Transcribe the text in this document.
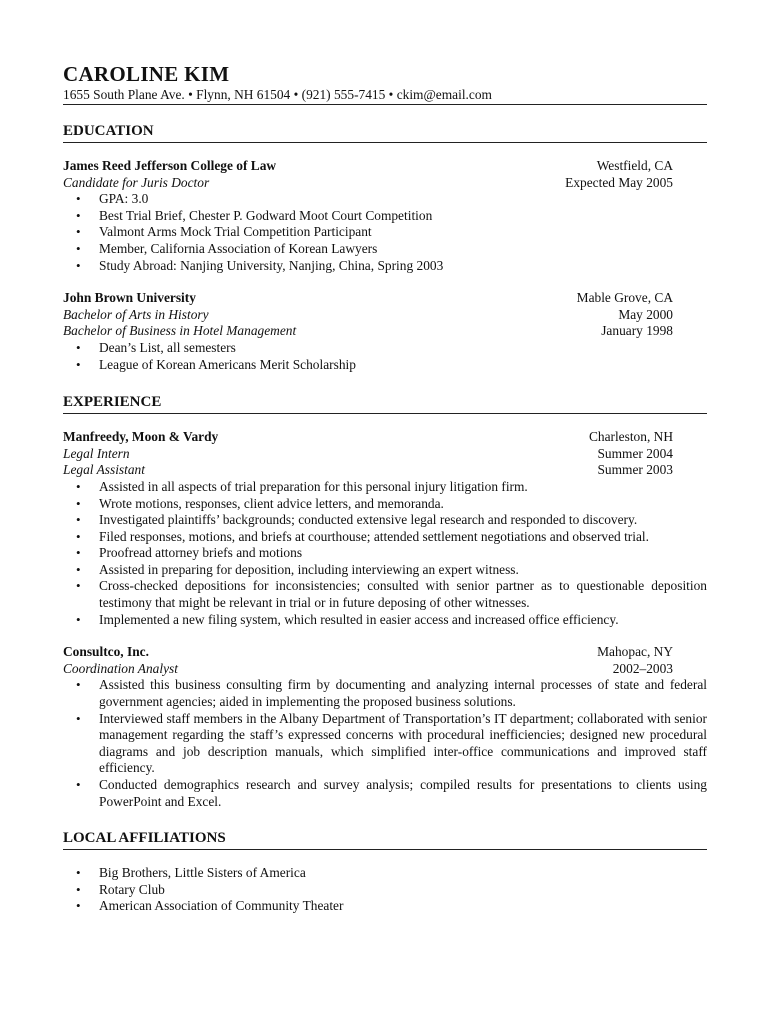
CAROLINE KIM
1655 South Plane Ave. • Flynn, NH 61504 • (921) 555-7415 • ckim@email.com
EDUCATION
James Reed Jefferson College of Law	Westfield, CA
Candidate for Juris Doctor	Expected May 2005
• GPA: 3.0
• Best Trial Brief, Chester P. Godward Moot Court Competition
• Valmont Arms Mock Trial Competition Participant
• Member, California Association of Korean Lawyers
• Study Abroad: Nanjing University, Nanjing, China, Spring 2003
John Brown University	Mable Grove, CA
Bachelor of Arts in History	May 2000
Bachelor of Business in Hotel Management	January 1998
• Dean’s List, all semesters
• League of Korean Americans Merit Scholarship
EXPERIENCE
Manfreedy, Moon & Vardy	Charleston, NH
Legal Intern	Summer 2004
Legal Assistant	Summer 2003
• Assisted in all aspects of trial preparation for this personal injury litigation firm.
• Wrote motions, responses, client advice letters, and memoranda.
• Investigated plaintiffs’ backgrounds; conducted extensive legal research and responded to discovery.
• Filed responses, motions, and briefs at courthouse; attended settlement negotiations and observed trial.
• Proofread attorney briefs and motions
• Assisted in preparing for deposition, including interviewing an expert witness.
• Cross-checked depositions for inconsistencies; consulted with senior partner as to questionable deposition testimony that might be relevant in trial or in future deposing of other witnesses.
• Implemented a new filing system, which resulted in easier access and increased office efficiency.
Consultco, Inc.	Mahopac, NY
Coordination Analyst	2002–2003
• Assisted this business consulting firm by documenting and analyzing internal processes of state and federal government agencies; aided in implementing the proposed business solutions.
• Interviewed staff members in the Albany Department of Transportation’s IT department; collaborated with senior management regarding the staff’s expressed concerns with procedural inefficiencies; designed new procedural diagrams and job description manuals, which simplified inter-office communications and improved staff efficiency.
• Conducted demographics research and survey analysis; compiled results for presentations to clients using PowerPoint and Excel.
LOCAL AFFILIATIONS
• Big Brothers, Little Sisters of America
• Rotary Club
• American Association of Community Theater
